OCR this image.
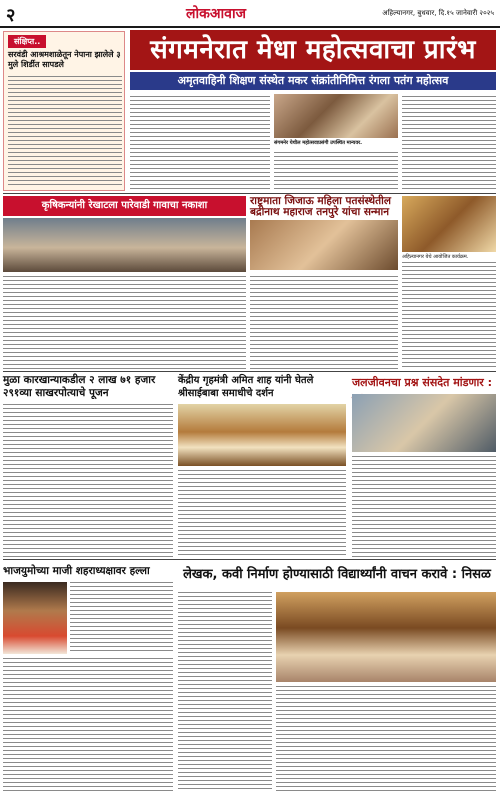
२	लोकआवाज	अहिल्यानगर, बुधवार, दि.१५ जानेवारी २०२५
संक्षिप्त..
सरवंडी आश्रमशाळेतून नेपाना झालेले ३ मुले शिर्डीत सापडले	संगमनेरात मेधा महोत्सवाचा प्रारंभ
अमृतवाहिनी शिक्षण संस्थेत मकर संक्रांतीनिमित्त रंगला पतंग महोत्सव
संगमनेर येथील महोत्सवाप्रसंगी उपस्थित मान्यवर.
कृषिकन्यांनी रेखाटला पारेवाडी गावाचा नकाशा	राष्ट्रमाता जिजाऊ महिला पतसंस्थेतील बद्रीनाथ महाराज तनपुरे यांचा सन्मान
अहिल्यानगर येथे आयोजित कार्यक्रम.
मुळा कारखान्याकडील २ लाख ७१ हजार २९१व्या साखरपोत्याचे पूजन
केंद्रीय गृहमंत्री अमित शाह यांनी घेतले श्रीसाईबाबा समाधीचे दर्शन
जलजीवनचा प्रश्न संसदेत मांडणार :
भाजयुमोच्या माजी शहराध्यक्षावर हल्ला	लेखक, कवी निर्माण होण्यासाठी विद्यार्थ्यांनी वाचन करावे : निसळ
